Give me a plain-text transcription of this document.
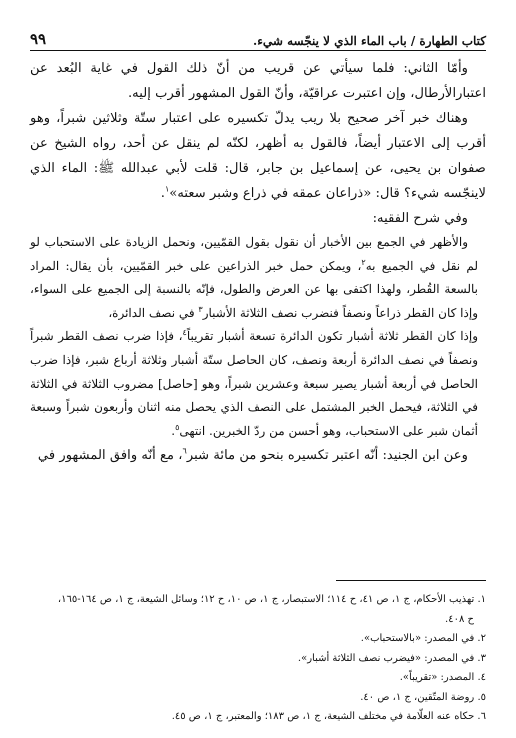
كتاب الطهارة / باب الماء الذي لا ينجّسه شيء.
٩٩

وأمّا الثاني: فلما سيأتي عن قريب من أنّ ذلك القول في غاية البُعد عن اعتبارالأرطال، وإن اعتبرت عراقيّة، وأنّ القول المشهور أقرب إليه.

وهناك خبر آخر صحيح بلا ريب يدلّ تكسيره على اعتبار ستّة وثلاثين شبراً، وهو أقرب إلى الاعتبار أيضاً، فالقول به أظهر، لكنّه لم ينقل عن أحد، رواه الشيخ عن صفوان بن يحيى، عن إسماعيل بن جابر، قال: قلت لأبي عبدالله ﷺ: الماء الذي لاينجّسه شيء؟ قال: «ذراعان عمقه في ذراع وشبر سعته»$^١$.

وفي شرح الفقيه:

والأظهر في الجمع بين الأخبار أن نقول بقول القمّيين، ونحمل الزيادة على الاستحباب لو لم نقل في الجميع به$^٢$، ويمكن حمل خبر الذراعين على خبر القمّيين، بأن يقال: المراد بالسعة القُطر، ولهذا اكتفى بها عن العرض والطول، فإنّه بالنسبة إلى الجميع على السواء، وإذا كان القطر ذراعاً ونصفاً فنضرب نصف الثلاثة الأشبار$^٣$ في نصف الدائرة،

وإذا كان القطر ثلاثة أشبار تكون الدائرة تسعة أشبار تقريباً$^٤$، فإذا ضرب نصف القطر شبراً ونصفاً في نصف الدائرة أربعة ونصف، كان الحاصل ستّة أشبار وثلاثة أرباع شبر، فإذا ضرب الحاصل في أربعة أشبار يصير سبعة وعشرين شبراً، وهو [حاصل] مضروب الثلاثة في الثلاثة في الثلاثة، فيحمل الخبر المشتمل على النصف الذي يحصل منه اثنان وأربعون شبراً وسبعة أثمان شبر على الاستحباب، وهو أحسن من ردّ الخبرين. انتهى$^٥$.

وعن ابن الجنيد: أنّه اعتبر تكسيره بنحو من مائة شبر$^٦$، مع أنّه وافق المشهور في

١. تهذيب الأحكام، ج ١، ص ٤١، ح ١١٤؛ الاستبصار، ج ١، ص ١٠، ح ١٢؛ وسائل الشيعة، ج ١، ص ١٦٤-١٦٥،

ح ٤٠٨.

٢. في المصدر: «بالاستحباب».

٣. في المصدر: «فيضرب نصف الثلاثة أشبار».

٤. المصدر: «تقريباً».

٥. روضة المتّقين، ج ١، ص ٤٠.

٦. حكاه عنه العلّامة في مختلف الشيعة، ج ١، ص ١٨٣؛ والمعتبر، ج ١، ص ٤٥.
